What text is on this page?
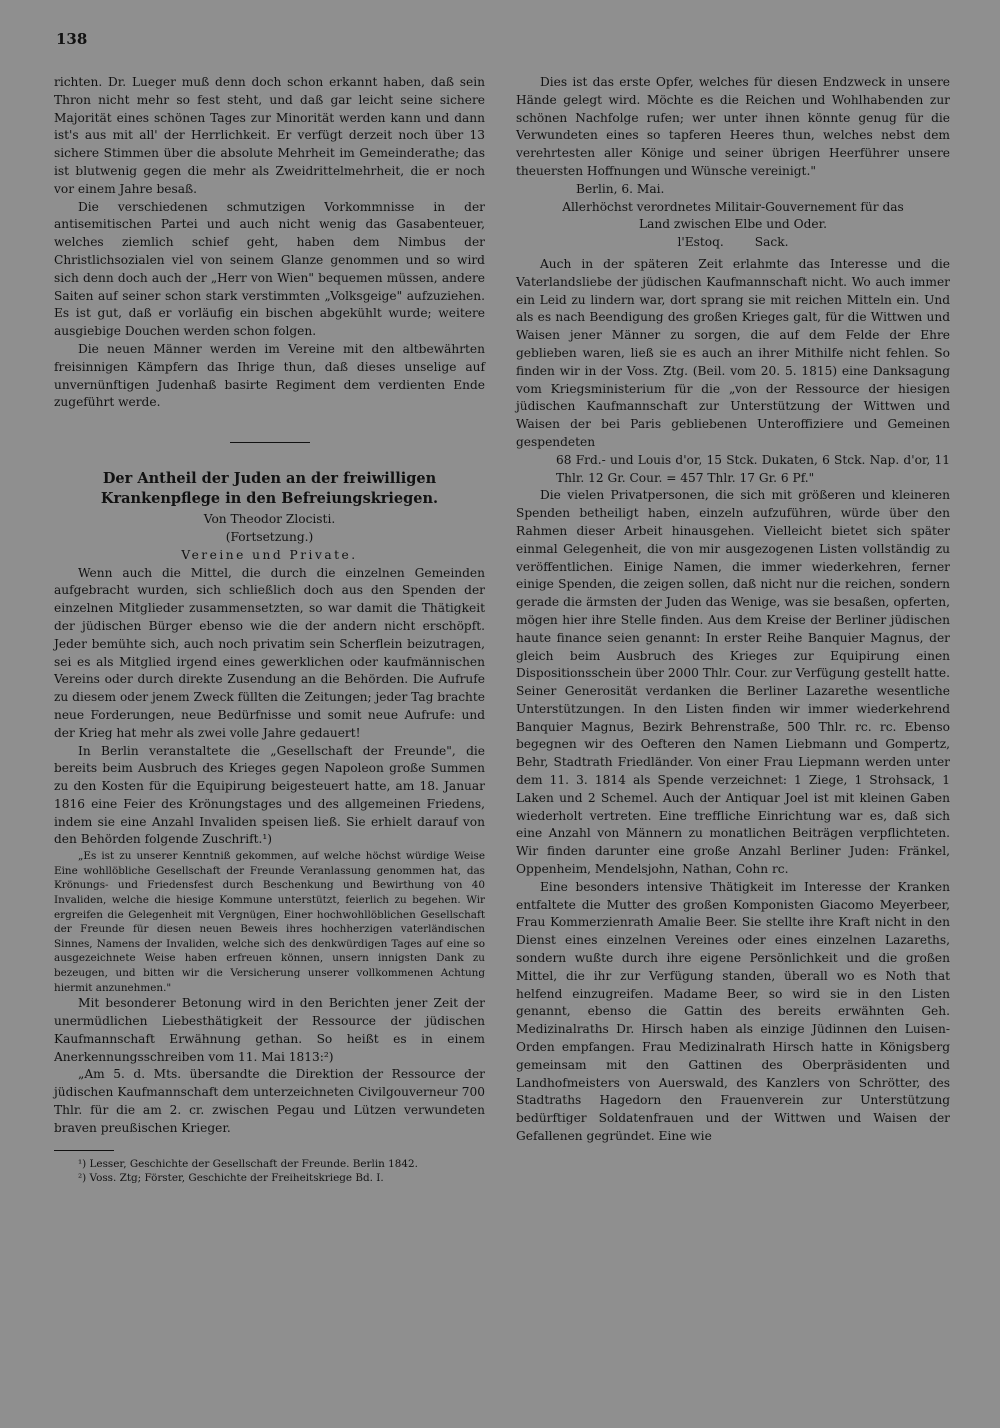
138

richten. Dr. Lueger muß denn doch schon erkannt haben, daß sein Thron nicht mehr so fest steht, und daß gar leicht seine sichere Majorität eines schönen Tages zur Minorität werden kann und dann ist's aus mit all' der Herrlichkeit. Er verfügt derzeit noch über 13 sichere Stimmen über die absolute Mehrheit im Gemeinderathe; das ist blutwenig gegen die mehr als Zweidrittelmehrheit, die er noch vor einem Jahre besaß.

Die verschiedenen schmutzigen Vorkommnisse in der antisemitischen Partei und auch nicht wenig das Gasabenteuer, welches ziemlich schief geht, haben dem Nimbus der Christlichsozialen viel von seinem Glanze genommen und so wird sich denn doch auch der „Herr von Wien" bequemen müssen, andere Saiten auf seiner schon stark verstimmten „Volksgeige" aufzuziehen. Es ist gut, daß er vorläufig ein bischen abgekühlt wurde; weitere ausgiebige Douchen werden schon folgen.

Die neuen Männer werden im Vereine mit den altbewährten freisinnigen Kämpfern das Ihrige thun, daß dieses unselige auf unvernünftigen Judenhaß basirte Regiment dem verdienten Ende zugeführt werde.

Der Antheil der Juden an der freiwilligen Krankenpflege in den Befreiungskriegen.

Von Theodor Zlocisti.

(Fortsetzung.)

Vereine und Private.

Wenn auch die Mittel, die durch die einzelnen Gemeinden aufgebracht wurden, sich schließlich doch aus den Spenden der einzelnen Mitglieder zusammensetzten, so war damit die Thätigkeit der jüdischen Bürger ebenso wie die der andern nicht erschöpft. Jeder bemühte sich, auch noch privatim sein Scherflein beizutragen, sei es als Mitglied irgend eines gewerklichen oder kaufmännischen Vereins oder durch direkte Zusendung an die Behörden. Die Aufrufe zu diesem oder jenem Zweck füllten die Zeitungen; jeder Tag brachte neue Forderungen, neue Bedürfnisse und somit neue Aufrufe: und der Krieg hat mehr als zwei volle Jahre gedauert!

In Berlin veranstaltete die „Gesellschaft der Freunde", die bereits beim Ausbruch des Krieges gegen Napoleon große Summen zu den Kosten für die Equipirung beigesteuert hatte, am 18. Januar 1816 eine Feier des Krönungstages und des allgemeinen Friedens, indem sie eine Anzahl Invaliden speisen ließ. Sie erhielt darauf von den Behörden folgende Zuschrift.¹)

„Es ist zu unserer Kenntniß gekommen, auf welche höchst würdige Weise Eine wohllöbliche Gesellschaft der Freunde Veranlassung genommen hat, das Krönungs- und Friedensfest durch Beschenkung und Bewirthung von 40 Invaliden, welche die hiesige Kommune unterstützt, feierlich zu begehen. Wir ergreifen die Gelegenheit mit Vergnügen, Einer hochwohllöblichen Gesellschaft der Freunde für diesen neuen Beweis ihres hochherzigen vaterländischen Sinnes, Namens der Invaliden, welche sich des denkwürdigen Tages auf eine so ausgezeichnete Weise haben erfreuen können, unsern innigsten Dank zu bezeugen, und bitten wir die Versicherung unserer vollkommenen Achtung hiermit anzunehmen."

Mit besonderer Betonung wird in den Berichten jener Zeit der unermüdlichen Liebesthätigkeit der Ressource der jüdischen Kaufmannschaft Erwähnung gethan. So heißt es in einem Anerkennungsschreiben vom 11. Mai 1813:²)

„Am 5. d. Mts. übersandte die Direktion der Ressource der jüdischen Kaufmannschaft dem unterzeichneten Civilgouverneur 700 Thlr. für die am 2. cr. zwischen Pegau und Lützen verwundeten braven preußischen Krieger.

¹) Lesser, Geschichte der Gesellschaft der Freunde. Berlin 1842.

²) Voss. Ztg; Förster, Geschichte der Freiheitskriege Bd. I.

Dies ist das erste Opfer, welches für diesen Endzweck in unsere Hände gelegt wird. Möchte es die Reichen und Wohlhabenden zur schönen Nachfolge rufen; wer unter ihnen könnte genug für die Verwundeten eines so tapferen Heeres thun, welches nebst dem verehrtesten aller Könige und seiner übrigen Heerführer unsere theuersten Hoffnungen und Wünsche vereinigt."

Berlin, 6. Mai.

Allerhöchst verordnetes Militair-Gouvernement für das Land zwischen Elbe und Oder.

l'Estoq.        Sack.

Auch in der späteren Zeit erlahmte das Interesse und die Vaterlandsliebe der jüdischen Kaufmannschaft nicht. Wo auch immer ein Leid zu lindern war, dort sprang sie mit reichen Mitteln ein. Und als es nach Beendigung des großen Krieges galt, für die Wittwen und Waisen jener Männer zu sorgen, die auf dem Felde der Ehre geblieben waren, ließ sie es auch an ihrer Mithilfe nicht fehlen. So finden wir in der Voss. Ztg. (Beil. vom 20. 5. 1815) eine Danksagung vom Kriegsministerium für die „von der Ressource der hiesigen jüdischen Kaufmannschaft zur Unterstützung der Wittwen und Waisen der bei Paris gebliebenen Unteroffiziere und Gemeinen gespendeten

68 Frd.- und Louis d'or, 15 Stck. Dukaten, 6 Stck. Nap. d'or, 11 Thlr. 12 Gr. Cour. = 457 Thlr. 17 Gr. 6 Pf."

Die vielen Privatpersonen, die sich mit größeren und kleineren Spenden betheiligt haben, einzeln aufzuführen, würde über den Rahmen dieser Arbeit hinausgehen. Vielleicht bietet sich später einmal Gelegenheit, die von mir ausgezogenen Listen vollständig zu veröffentlichen. Einige Namen, die immer wiederkehren, ferner einige Spenden, die zeigen sollen, daß nicht nur die reichen, sondern gerade die ärmsten der Juden das Wenige, was sie besaßen, opferten, mögen hier ihre Stelle finden. Aus dem Kreise der Berliner jüdischen haute finance seien genannt: In erster Reihe Banquier Magnus, der gleich beim Ausbruch des Krieges zur Equipirung einen Dispositionsschein über 2000 Thlr. Cour. zur Verfügung gestellt hatte. Seiner Generosität verdanken die Berliner Lazarethe wesentliche Unterstützungen. In den Listen finden wir immer wiederkehrend Banquier Magnus, Bezirk Behrenstraße, 500 Thlr. rc. rc. Ebenso begegnen wir des Oefteren den Namen Liebmann und Gompertz, Behr, Stadtrath Friedländer. Von einer Frau Liepmann werden unter dem 11. 3. 1814 als Spende verzeichnet: 1 Ziege, 1 Strohsack, 1 Laken und 2 Schemel. Auch der Antiquar Joel ist mit kleinen Gaben wiederholt vertreten. Eine treffliche Einrichtung war es, daß sich eine Anzahl von Männern zu monatlichen Beiträgen verpflichteten. Wir finden darunter eine große Anzahl Berliner Juden: Fränkel, Oppenheim, Mendelsjohn, Nathan, Cohn rc.

Eine besonders intensive Thätigkeit im Interesse der Kranken entfaltete die Mutter des großen Komponisten Giacomo Meyerbeer, Frau Kommerzienrath Amalie Beer. Sie stellte ihre Kraft nicht in den Dienst eines einzelnen Vereines oder eines einzelnen Lazareths, sondern wußte durch ihre eigene Persönlichkeit und die großen Mittel, die ihr zur Verfügung standen, überall wo es Noth that helfend einzugreifen. Madame Beer, so wird sie in den Listen genannt, ebenso die Gattin des bereits erwähnten Geh. Medizinalraths Dr. Hirsch haben als einzige Jüdinnen den Luisen-Orden empfangen. Frau Medizinalrath Hirsch hatte in Königsberg gemeinsam mit den Gattinen des Oberpräsidenten und Landhofmeisters von Auerswald, des Kanzlers von Schrötter, des Stadtraths Hagedorn den Frauenverein zur Unterstützung bedürftiger Soldatenfrauen und der Wittwen und Waisen der Gefallenen gegründet. Eine wie
